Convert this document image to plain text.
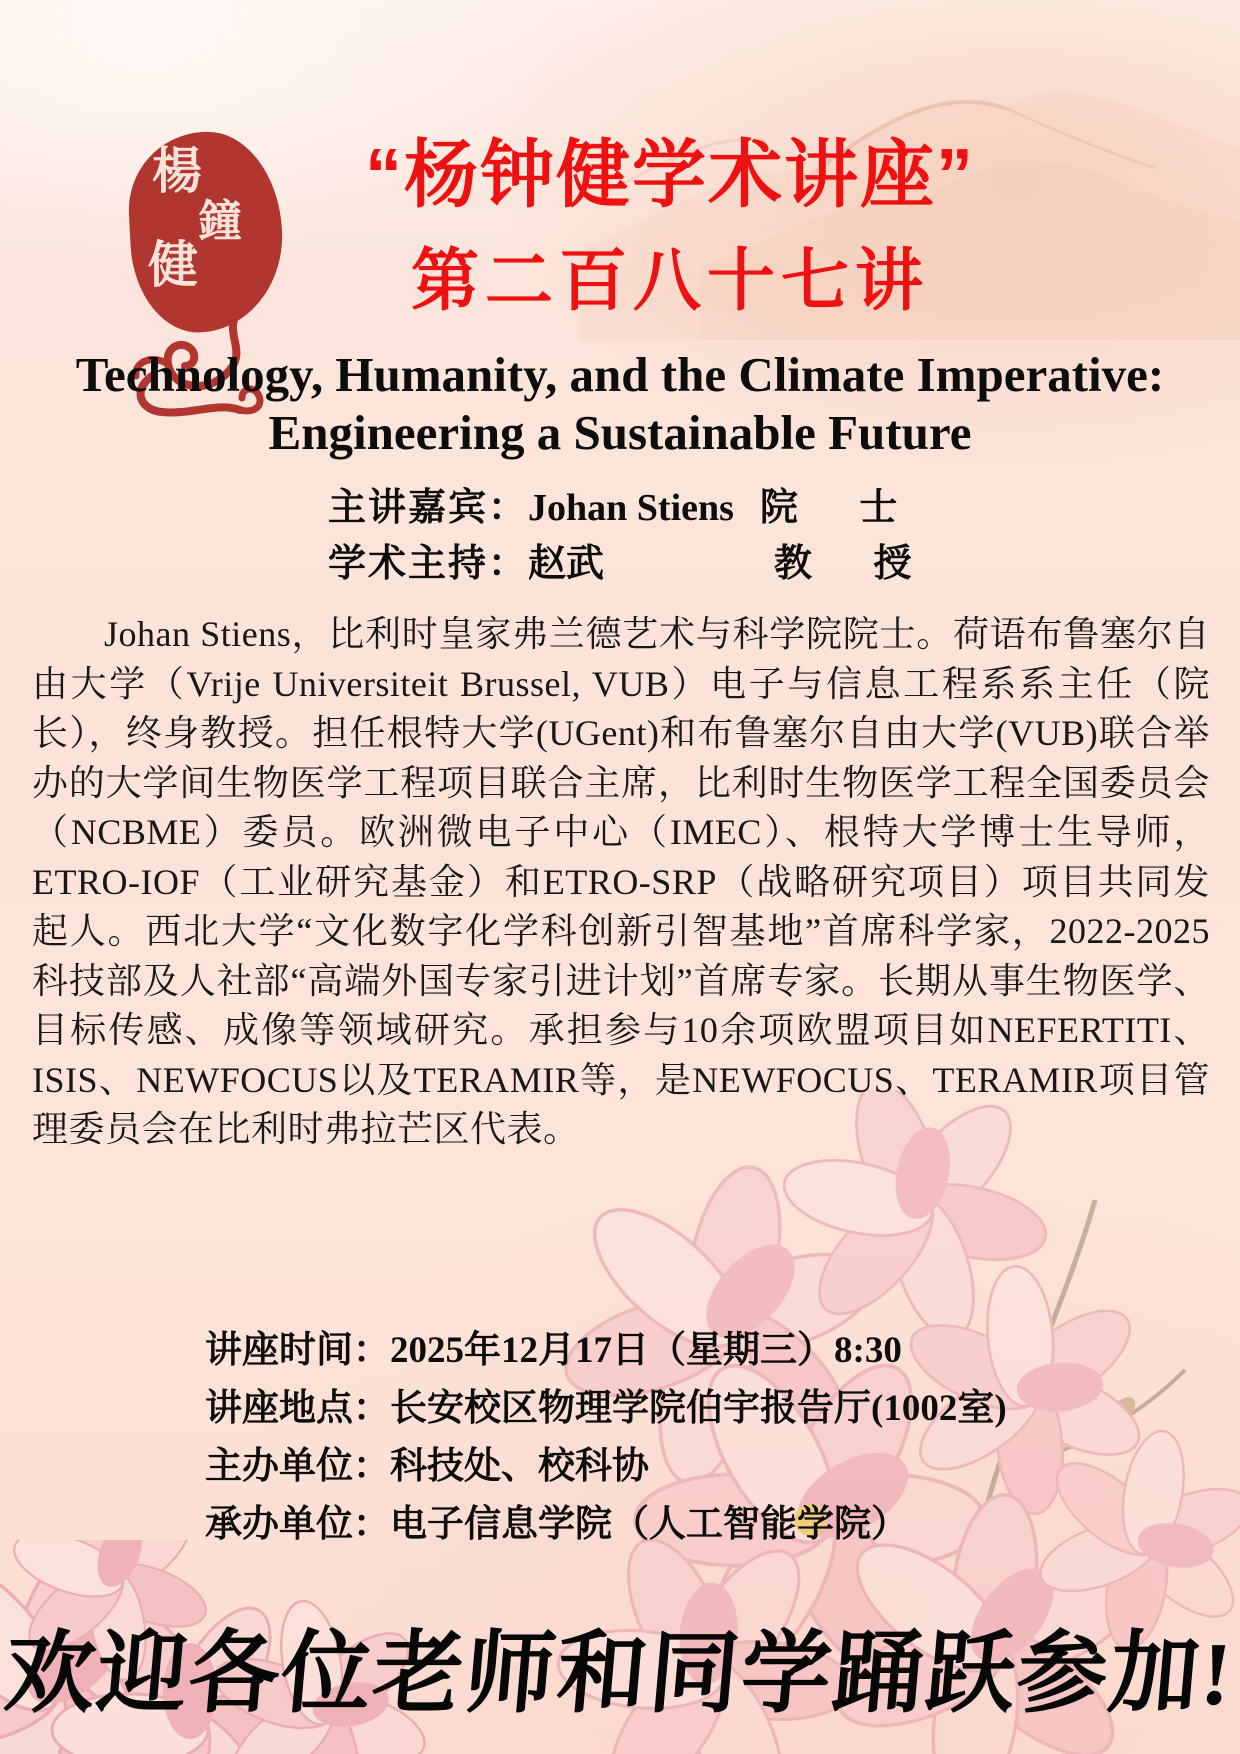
楊
鐘
健
“杨钟健学术讲座”
第二百八十七讲
Technology, Humanity, and the Climate Imperative:
Engineering a Sustainable Future
主讲嘉宾：Johan Stiens 院 士
学术主持：赵武	教 授
Johan Stiens，比利时皇家弗兰德艺术与科学院院士。荷语布鲁塞尔自由大学（Vrije Universiteit Brussel, VUB）电子与信息工程系系主任（院长），终身教授。担任根特大学(UGent)和布鲁塞尔自由大学(VUB)联合举办的大学间生物医学工程项目联合主席，比利时生物医学工程全国委员会（NCBME）委员。欧洲微电子中心（IMEC）、根特大学博士生导师，ETRO-IOF（工业研究基金）和ETRO-SRP（战略研究项目）项目共同发起人。西北大学“文化数字化学科创新引智基地”首席科学家，2022-2025科技部及人社部“高端外国专家引进计划”首席专家。长期从事生物医学、目标传感、成像等领域研究。承担参与10余项欧盟项目如NEFERTITI、ISIS、NEWFOCUS以及TERAMIR等，是NEWFOCUS、TERAMIR项目管理委员会在比利时弗拉芒区代表。
讲座时间：2025年12月17日（星期三）8:30
讲座地点：长安校区物理学院伯宇报告厅(1002室)
主办单位：科技处、校科协
承办单位：电子信息学院（人工智能学院）
欢迎各位老师和同学踊跃参加!
